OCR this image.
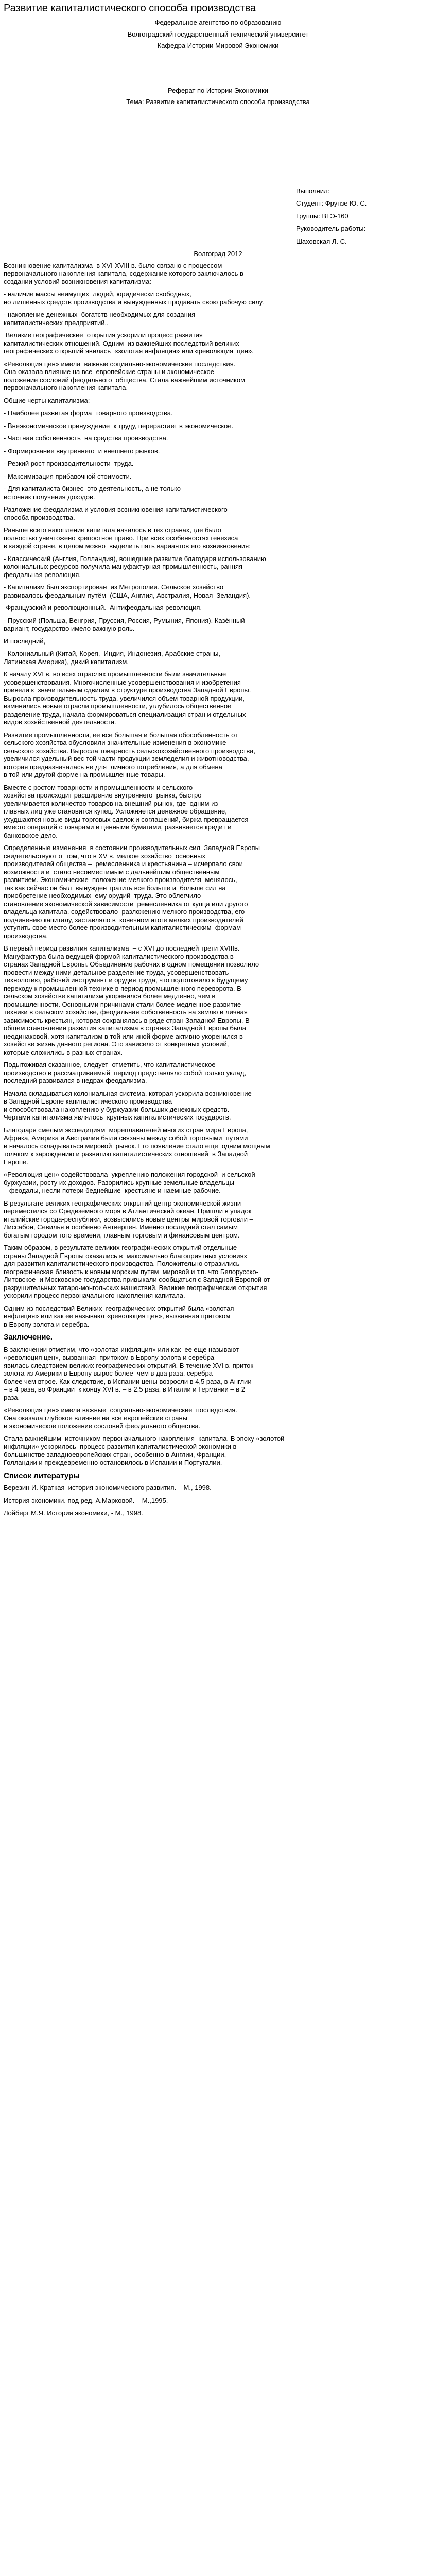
Развитие капиталистического способа производства
Федеральное агентство по образованию
Волгоградский государственный технический университет
Кафедра Истории Мировой Экономики
Реферат по Истории Экономики
Тема: Развитие капиталистического способа производства

Выполнил:

Студент: Фрунзе Ю. С.

Группы: ВТЭ-160

Руководитель работы:

Шаховская Л. С.

Волгоград 2012

Возникновение капитализма  в XVI-XVIII в. было связано с процессом
первоначального накопления капитала, содержание которого заключалось в
создании условий возникновения капитализма:

- наличие массы неимущих  людей, юридически свободных,
но лишённых средств производства и вынужденных продавать свою рабочую силу.

- накопление денежных  богатств необходимых для создания
капиталистических предприятий..

Великие географические  открытия ускорили процесс развития
капиталистических отношений. Одним  из важнейших последствий великих
географических открытий явилась  «золотая инфляция» или «революция  цен».

«Революция цен» имела  важные социально-экономические последствия.
Она оказала влияние на все  европейские страны и экономическое
положение сословий феодального  общества. Стала важнейшим источником
первоначального накопления капитала.

Общие черты капитализма:

- Наиболее развитая форма  товарного производства.

- Внеэкономическое принуждение  к труду, перерастает в экономическое.

- Частная собственность  на средства производства.

- Формирование внутреннего  и внешнего рынков.

- Резкий рост производительности  труда.

- Максимизация прибавочной стоимости.

- Для капиталиста бизнес  это деятельность, а не только
источник получения доходов.

Разложение феодализма и условия возникновения капиталистического
способа производства.

Раньше всего накопление капитала началось в тех странах, где было
полностью уничтожено крепостное право. При всех особенностях генезиса
в каждой стране, в целом можно  выделить пять вариантов его возникновения:

- Классический (Англия, Голландия), вошедшие развитие благодаря использованию
колониальных ресурсов получила мануфактурная промышленность, ранняя
феодальная революция.

- Капитализм был экспортирован  из Метрополии. Сельское хозяйство
развивалось феодальным путём  (США, Англия, Австралия, Новая  Зеландия).

-Французский и революционный.  Антифеодальная революция.

- Прусский (Польша, Венгрия, Пруссия, Россия, Румыния, Япония). Казённый
вариант, государство имело важную роль.

И последний,

- Колониальный (Китай, Корея,  Индия, Индонезия, Арабские страны,
Латинская Америка), дикий капитализм.

К началу XVI в. во всех отраслях промышленности были значительные
усовершенствования. Многочисленные усовершенствования и изобретения
привели к  значительным сдвигам в структуре производства Западной Европы.
Выросла производительность труда, увеличился объем товарной продукции,
изменились новые отрасли промышленности, углубилось общественное
разделение труда, начала формироваться специализация стран и отдельных
видов хозяйственной деятельности.

Развитие промышленности, ее все большая и большая обособленность от
сельского хозяйства обусловили значительные изменения в экономике
сельского хозяйства. Выросла товарность сельскохозяйственного производства,
увеличился удельный вес той части продукции земледелия и животноводства,
которая предназначалась не для  личного потребления, а для обмена
в той или другой форме на промышленные товары.

Вместе с ростом товарности и промышленности и сельского
хозяйства происходит расширение внутреннего  рынка, быстро
увеличивается количество товаров на внешний рынок, где  одним из
главных лиц уже становится купец. Усложняется денежное обращение,
ухудшаются новые виды торговых сделок и соглашений, биржа превращается
вместо операций с товарами и ценными бумагами, развивается кредит и
банковское дело.

Определенные изменения  в состоянии производительных сил  Западной Европы
свидетельствуют о  том, что в XV в. мелкое хозяйство  основных
производителей общества –  ремесленника и крестьянина – исчерпало свои
возможности и  стало несовместимым с дальнейшим общественным
развитием. Экономические  положение мелкого производителя  менялось,
так как сейчас он был  вынужден тратить все больше и  больше сил на
приобретение необходимых  ему орудий  труда. Это облегчило
становление экономической зависимости  ремесленника от купца или другого
владельца капитала, содействовало  разложению мелкого производства, его
подчинению капиталу, заставляло в  конечном итоге мелких производителей
уступить свое место более производительным капиталистическим  формам
производства.

В первый период развития капитализма  – с XVI до последней трети XVIIIв.
Мануфактура была ведущей формой капиталистического производства в
странах Западной Европы. Объединение рабочих в одном помещении позволило
провести между ними детальное разделение труда, усовершенствовать
технологию, рабочий инструмент и орудия труда, что подготовило к будущему
переходу к промышленной технике в период промышленного переворота. В
сельском хозяйстве капитализм укоренился более медленно, чем в
промышленности. Основными причинами стали более медленное развитие
техники в сельском хозяйстве, феодальная собственность на землю и личная
зависимость крестьян, которая сохранялась в ряде стран Западной Европы. В
общем становлении развития капитализма в странах Западной Европы была
неодинаковой, хотя капитализм в той или иной форме активно укоренился в
хозяйстве жизнь данного региона. Это зависело от конкретных условий,
которые сложились в разных странах.

Подытоживая сказанное, следует  отметить, что капиталистическое
производство в рассматриваемый  период представляло собой только уклад,
последний развивался в недрах феодализма.

Начала складываться колониальная система, которая ускорила возникновение
в Западной Европе капиталистического производства
и способствовала накоплению у буржуазии больших денежных средств.
Чертами капитализма являлось  крупных капиталистических государств.

Благодаря смелым экспедициям  мореплавателей многих стран мира Европа,
Африка, Америка и Австралия были связаны между собой торговыми  путями
и началось складываться мировой  рынок. Его появление стало еще  одним мощным
толчком к зарождению и развитию капиталистических отношений  в Западной
Европе.

«Революция цен» содействовала  укреплению положения городской  и сельской
буржуазии, росту их доходов. Разорились крупные земельные владельцы
– феодалы, несли потери беднейшие  крестьяне и наемные рабочие.

В результате великих географических открытий центр экономической жизни
переместился со Средиземного моря в Атлантический океан. Пришли в упадок
италийские города-республики, возвысились новые центры мировой торговли –
Лиссабон, Севилья и особенно Антверпен. Именно последний стал самым
богатым городом того времени, главным торговым и финансовым центром.

Таким образом, в результате великих географических открытий отдельные
страны Западной Европы оказались в  максимально благоприятных условиях
для развития капиталистического производства. Положительно отразились
географическая близость к новым морским путям  мировой и т.п. что Белорусско-
Литовское  и Московское государства привыкали сообщаться с Западной Европой от
разрушительных татаро-монгольских нашествий. Великие географические открытия
ускорили процесс первоначального накопления капитала.

Одним из последствий Великих  географических открытий была «золотая
инфляция» или как ее называют «революция цен», вызванная притоком
в Европу золота и серебра.

Заключение.

В заключении отметим, что «золотая инфляция» или как  ее еще называют
«революция цен», вызванная  притоком в Европу золота и серебра
явилась следствием великих географических открытий. В течение XVI в. приток
золота из Америки в Европу вырос более  чем в два раза, серебра –
более чем втрое. Как следствие, в Испании цены возросли в 4,5 раза, в Англии
– в 4 раза, во Франции  к концу XVI в. – в 2,5 раза, в Италии и Германии – в 2
раза.

«Революция цен» имела важные  социально-экономические  последствия.
Она оказала глубокое влияние на все европейские страны
и экономическое положение сословий феодального общества.

Стала важнейшим  источником первоначального накопления  капитала. В эпоху «золотой
инфляции» ускорилось  процесс развития капиталистической экономики в
большинстве западноевропейских стран, особенно в Англии, Франции,
Голландии и преждевременно остановилось в Испании и Португалии.

Список литературы
Березин И. Краткая  история экономического развития. – М., 1998.
История экономики. под ред. А.Марковой. – М.,1995.
Лойберг М.Я. История экономики, - М., 1998.
